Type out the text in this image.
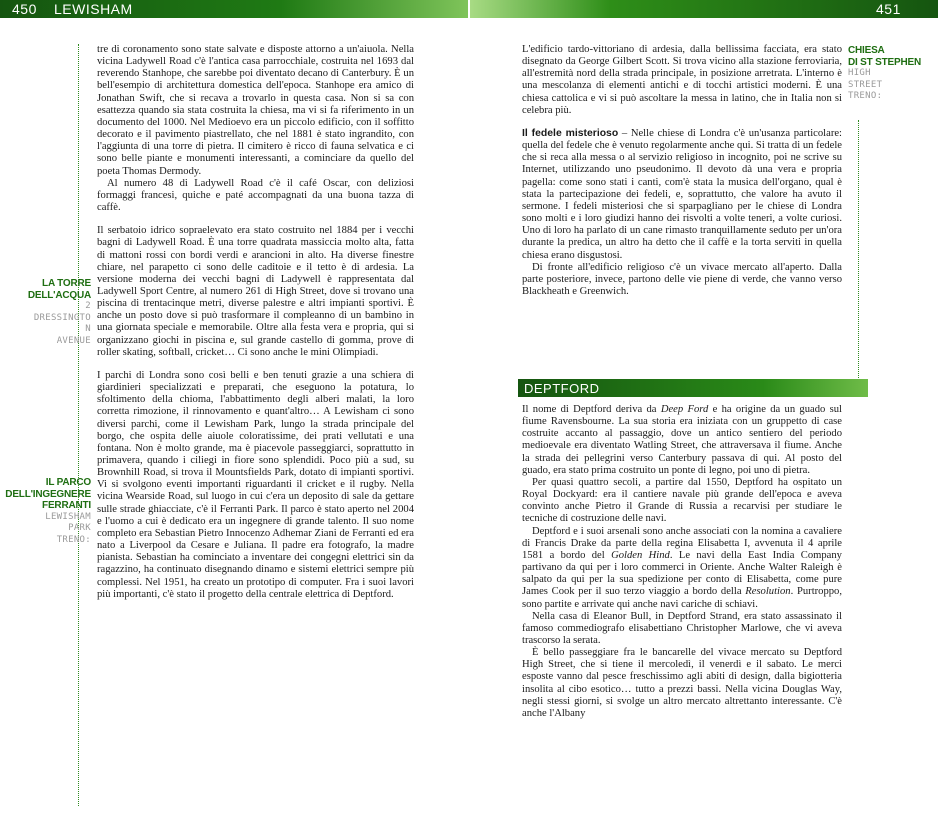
450 LEWISHAM	451

tre di coronamento sono state salvate e disposte attorno a un'aiuola. Nella vicina Ladywell Road c'è l'antica casa parrocchiale, costruita nel 1693 dal reverendo Stanhope, che sarebbe poi diventato decano di Canterbury. È un bell'esempio di architettura domestica dell'epoca. Stanhope era amico di Jonathan Swift, che si recava a trovarlo in questa casa. Non si sa con esattezza quando sia stata costruita la chiesa, ma vi si fa riferimento in un documento del 1000. Nel Medioevo era un piccolo edificio, con il soffitto decorato e il pavimento piastrellato, che nel 1881 è stato ingrandito, con l'aggiunta di una torre di pietra. Il cimitero è ricco di fauna selvatica e ci sono belle piante e monumenti interessanti, a cominciare da quello del poeta Thomas Dermody.

Al numero 48 di Ladywell Road c'è il café Oscar, con deliziosi formaggi francesi, quiche e paté accompagnati da una buona tazza di caffè.

Il serbatoio idrico sopraelevato era stato costruito nel 1884 per i vecchi bagni di Ladywell Road. È una torre quadrata massiccia molto alta, fatta di mattoni rossi con bordi verdi e arancioni in alto. Ha diverse finestre chiare, nel parapetto ci sono delle caditoie e il tetto è di ardesia. La versione moderna dei vecchi bagni di Ladywell è rappresentata dal Ladywell Sport Centre, al numero 261 di High Street, dove si trovano una piscina di trentacinque metri, diverse palestre e altri impianti sportivi. È anche un posto dove si può trasformare il compleanno di un bambino in una giornata speciale e memorabile. Oltre alla festa vera e propria, qui si organizzano giochi in piscina e, sul grande castello di gomma, prove di roller skating, softball, cricket… Ci sono anche le mini Olimpiadi.

I parchi di Londra sono così belli e ben tenuti grazie a una schiera di giardinieri specializzati e preparati, che eseguono la potatura, lo sfoltimento della chioma, l'abbattimento degli alberi malati, la loro corretta rimozione, il rinnovamento e quant'altro… A Lewisham ci sono diversi parchi, come il Lewisham Park, lungo la strada principale del borgo, che ospita delle aiuole coloratissime, dei prati vellutati e una fontana. Non è molto grande, ma è piacevole passeggiarci, soprattutto in primavera, quando i ciliegi in fiore sono splendidi. Poco più a sud, su Brownhill Road, si trova il Mountsfields Park, dotato di impianti sportivi. Vi si svolgono eventi importanti riguardanti il cricket e il rugby. Nella vicina Wearside Road, sul luogo in cui c'era un deposito di sale da gettare sulle strade ghiacciate, c'è il Ferranti Park. Il parco è stato aperto nel 2004 e l'uomo a cui è dedicato era un ingegnere di grande talento. Il suo nome completo era Sebastian Pietro Innocenzo Adhemar Ziani de Ferranti ed era nato a Liverpool da Cesare e Juliana. Il padre era fotografo, la madre pianista. Sebastian ha cominciato a inventare dei congegni elettrici sin da ragazzino, ha continuato disegnando dinamo e sistemi elettrici sempre più complessi. Nel 1951, ha creato un prototipo di computer. Fra i suoi lavori più importanti, c'è stato il progetto della centrale elettrica di Deptford.

LA TORRE
DELL'ACQUA
2
DRESSINGTO
N
AVENUE
IL PARCO
DELL'INGEGNERE
FERRANTI
LEWISHAM
PARK
TRENO:

L'edificio tardo-vittoriano di ardesia, dalla bellissima facciata, era stato disegnato da George Gilbert Scott. Si trova vicino alla stazione ferroviaria, all'estremità nord della strada principale, in posizione arretrata. L'interno è una mescolanza di elementi antichi e di tocchi artistici moderni. È una chiesa cattolica e vi si può ascoltare la messa in latino, che in Italia non si celebra più.

Il fedele misterioso – Nelle chiese di Londra c'è un'usanza particolare: quella del fedele che è venuto regolarmente anche qui. Si tratta di un fedele che si reca alla messa o al servizio religioso in incognito, poi ne scrive su Internet, utilizzando uno pseudonimo. Il devoto dà una vera e propria pagella: come sono stati i canti, com'è stata la musica dell'organo, qual è stata la partecipazione dei fedeli, e, soprattutto, che valore ha avuto il sermone. I fedeli misteriosi che si sparpagliano per le chiese di Londra sono molti e i loro giudizi hanno dei risvolti a volte teneri, a volte curiosi. Uno di loro ha parlato di un cane rimasto tranquillamente seduto per un'ora durante la predica, un altro ha detto che il caffè e la torta serviti in quella chiesa erano disgustosi.

Di fronte all'edificio religioso c'è un vivace mercato all'aperto. Dalla parte posteriore, invece, partono delle vie piene di verde, che vanno verso Blackheath e Greenwich.

CHIESA
DI ST STEPHEN
HIGH
STREET
TRENO:
DEPTFORD

Il nome di Deptford deriva da Deep Ford e ha origine da un guado sul fiume Ravensbourne. La sua storia era iniziata con un gruppetto di case costruite accanto al passaggio, dove un antico sentiero del periodo medioevale era diventato Watling Street, che attraversava il fiume. Anche la strada dei pellegrini verso Canterbury passava di qui. Al posto del guado, era stato prima costruito un ponte di legno, poi uno di pietra.

Per quasi quattro secoli, a partire dal 1550, Deptford ha ospitato un Royal Dockyard: era il cantiere navale più grande dell'epoca e aveva convinto anche Pietro il Grande di Russia a recarvisi per studiare le tecniche di costruzione delle navi.

Deptford e i suoi arsenali sono anche associati con la nomina a cavaliere di Francis Drake da parte della regina Elisabetta I, avvenuta il 4 aprile 1581 a bordo del Golden Hind. Le navi della East India Company partivano da qui per i loro commerci in Oriente. Anche Walter Raleigh è salpato da qui per la sua spedizione per conto di Elisabetta, come pure James Cook per il suo terzo viaggio a bordo della Resolution. Purtroppo, sono partite e arrivate qui anche navi cariche di schiavi.

Nella casa di Eleanor Bull, in Deptford Strand, era stato assassinato il famoso commediografo elisabettiano Christopher Marlowe, che vi aveva trascorso la serata.

È bello passeggiare fra le bancarelle del vivace mercato su Deptford High Street, che si tiene il mercoledì, il venerdì e il sabato. Le merci esposte vanno dal pesce freschissimo agli abiti di design, dalla bigiotteria insolita al cibo esotico… tutto a prezzi bassi. Nella vicina Douglas Way, negli stessi giorni, si svolge un altro mercato altrettanto interessante. C'è anche l'Albany
